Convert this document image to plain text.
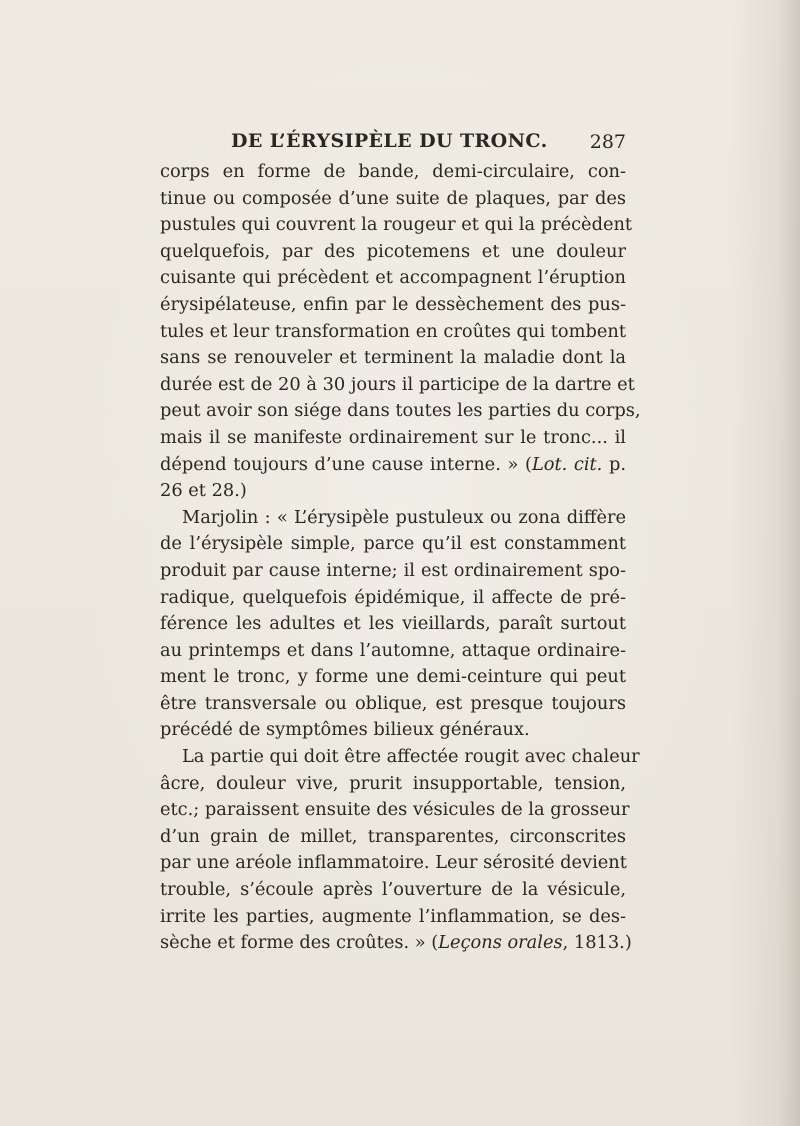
DE L’ÉRYSIPÈLE DU TRONC. 287
corps en forme de bande, demi-circulaire, con-
tinue ou composée d’une suite de plaques, par des
pustules qui couvrent la rougeur et qui la précèdent
quelquefois, par des picotemens et une douleur
cuisante qui précèdent et accompagnent l’éruption
érysipélateuse, enfin par le dessèchement des pus-
tules et leur transformation en croûtes qui tombent
sans se renouveler et terminent la maladie dont la
durée est de 20 à 30 jours il participe de la dartre et
peut avoir son siége dans toutes les parties du corps,
mais il se manifeste ordinairement sur le tronc... il
dépend toujours d’une cause interne. » (Lot. cit. p.
26 et 28.)
Marjolin : « L’érysipèle pustuleux ou zona diffère
de l’érysipèle simple, parce qu’il est constamment
produit par cause interne; il est ordinairement spo-
radique, quelquefois épidémique, il affecte de pré-
férence les adultes et les vieillards, paraît surtout
au printemps et dans l’automne, attaque ordinaire-
ment le tronc, y forme une demi-ceinture qui peut
être transversale ou oblique, est presque toujours
précédé de symptômes bilieux généraux.
La partie qui doit être affectée rougit avec chaleur
âcre, douleur vive, prurit insupportable, tension,
etc.; paraissent ensuite des vésicules de la grosseur
d’un grain de millet, transparentes, circonscrites
par une aréole inflammatoire. Leur sérosité devient
trouble, s’écoule après l’ouverture de la vésicule,
irrite les parties, augmente l’inflammation, se des-
sèche et forme des croûtes. » (Leçons orales, 1813.)
